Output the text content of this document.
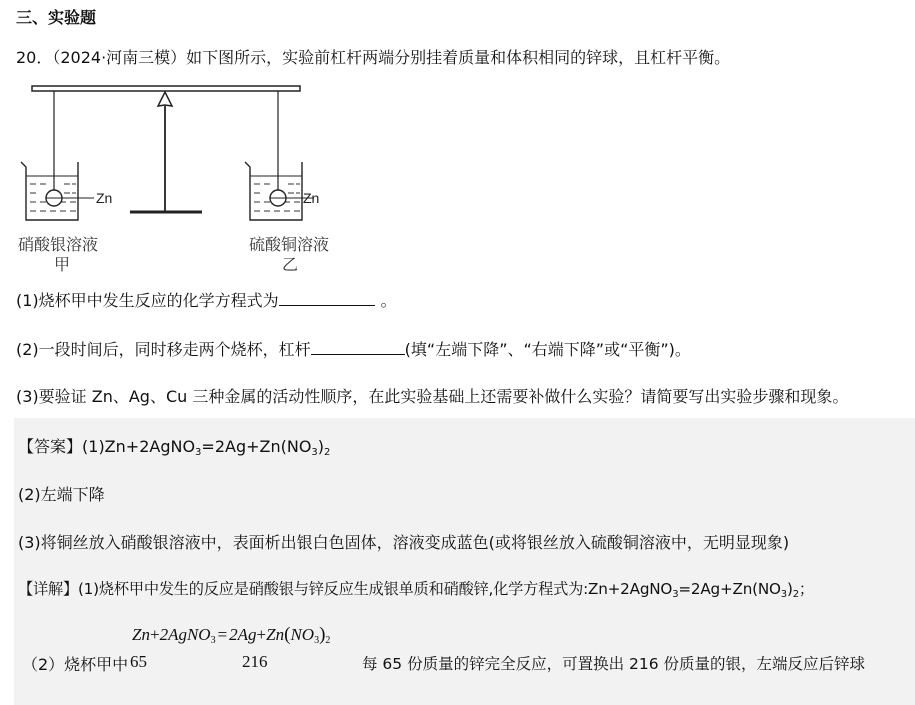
三、实验题
20．（2024·河南三模）如下图所示，实验前杠杆两端分别挂着质量和体积相同的锌球，且杠杆平衡。
Zn	Zn
硝酸银溶液
甲
硫酸铜溶液
乙
(1)烧杯甲中发生反应的化学方程式为	。
(2)一段时间后，同时移走两个烧杯，杠杆	(填“左端下降”、“右端下降”或“平衡”)。
(3)要验证 Zn、Ag、Cu 三种金属的活动性顺序，在此实验基础上还需要补做什么实验？请简要写出实验步骤和现象。
【答案】$(1)Zn+2AgNO_3=2Ag+Zn(NO_3)_2$
(2)左端下降
(3)将铜丝放入硝酸银溶液中，表面析出银白色固体，溶液变成蓝色(或将银丝放入硫酸铜溶液中，无明显现象)
【详解】(1)烧杯甲中发生的反应是硝酸银与锌反应生成银单质和硝酸锌,化学方程式为$:Zn+2AgNO_3=2Ag+Zn(NO_3)_2$；
Zn+2AgNO$_3$ = $2Ag+Zn(NO_3)_2$
（2）烧杯甲中 65	216	每 65 份质量的锌完全反应，可置换出 216 份质量的银，左端反应后锌球
